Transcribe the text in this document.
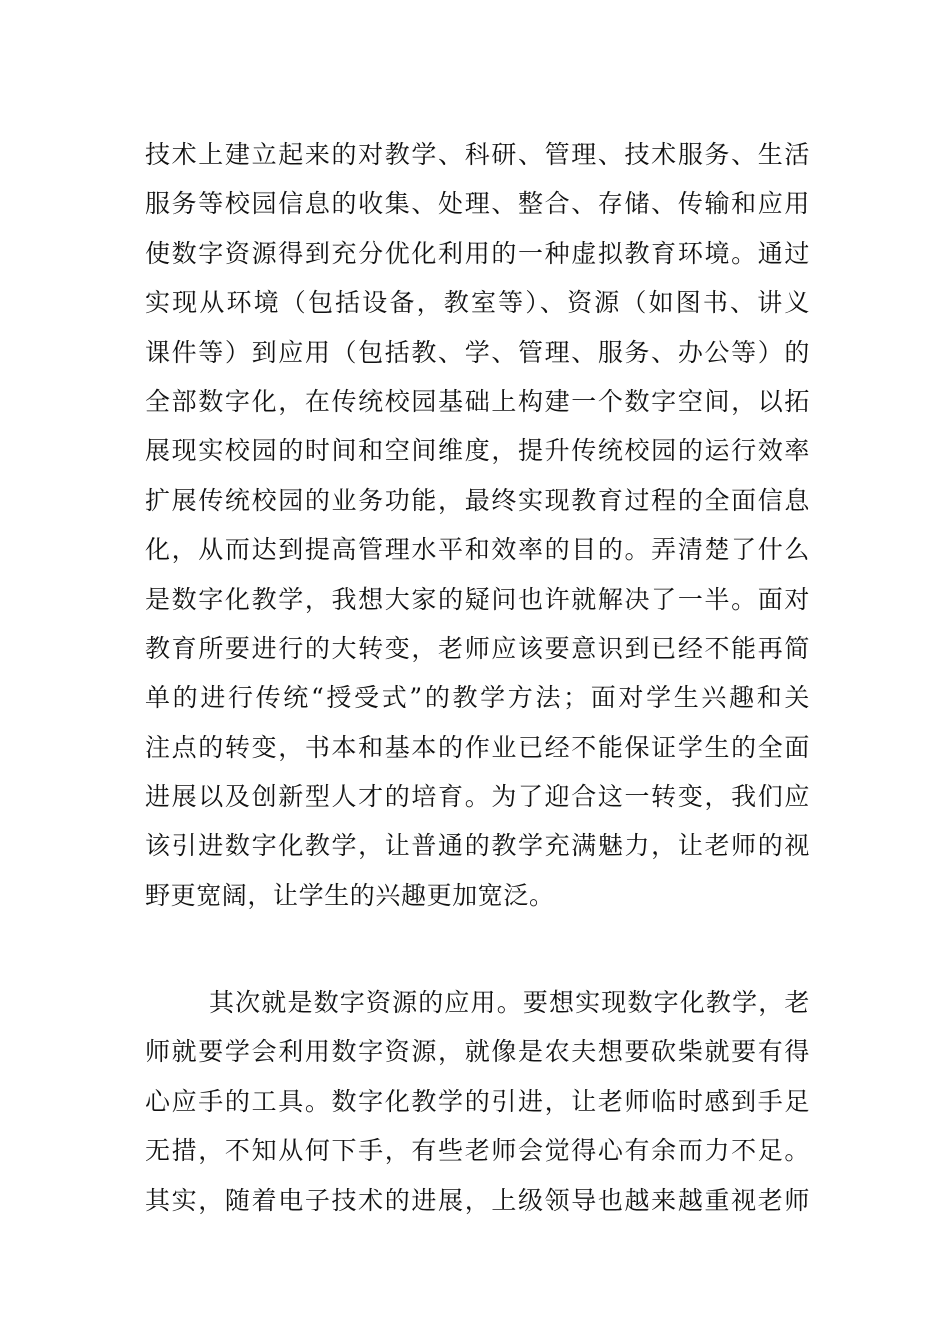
技术上建立起来的对教学、科研、管理、技术服务、生活
服务等校园信息的收集、处理、整合、存储、传输和应用
使数字资源得到充分优化利用的一种虚拟教育环境。通过
实现从环境（包括设备，教室等）、资源（如图书、讲义
课件等）到应用（包括教、学、管理、服务、办公等）的
全部数字化，在传统校园基础上构建一个数字空间，以拓
展现实校园的时间和空间维度，提升传统校园的运行效率
扩展传统校园的业务功能，最终实现教育过程的全面信息
化，从而达到提高管理水平和效率的目的。弄清楚了什么
是数字化教学，我想大家的疑问也许就解决了一半。面对
教育所要进行的大转变，老师应该要意识到已经不能再简
单的进行传统“授受式”的教学方法；面对学生兴趣和关
注点的转变，书本和基本的作业已经不能保证学生的全面
进展以及创新型人才的培育。为了迎合这一转变，我们应
该引进数字化教学，让普通的教学充满魅力，让老师的视
野更宽阔，让学生的兴趣更加宽泛。
其次就是数字资源的应用。要想实现数字化教学，老
师就要学会利用数字资源，就像是农夫想要砍柴就要有得
心应手的工具。数字化教学的引进，让老师临时感到手足
无措，不知从何下手，有些老师会觉得心有余而力不足。
其实，随着电子技术的进展，上级领导也越来越重视老师
